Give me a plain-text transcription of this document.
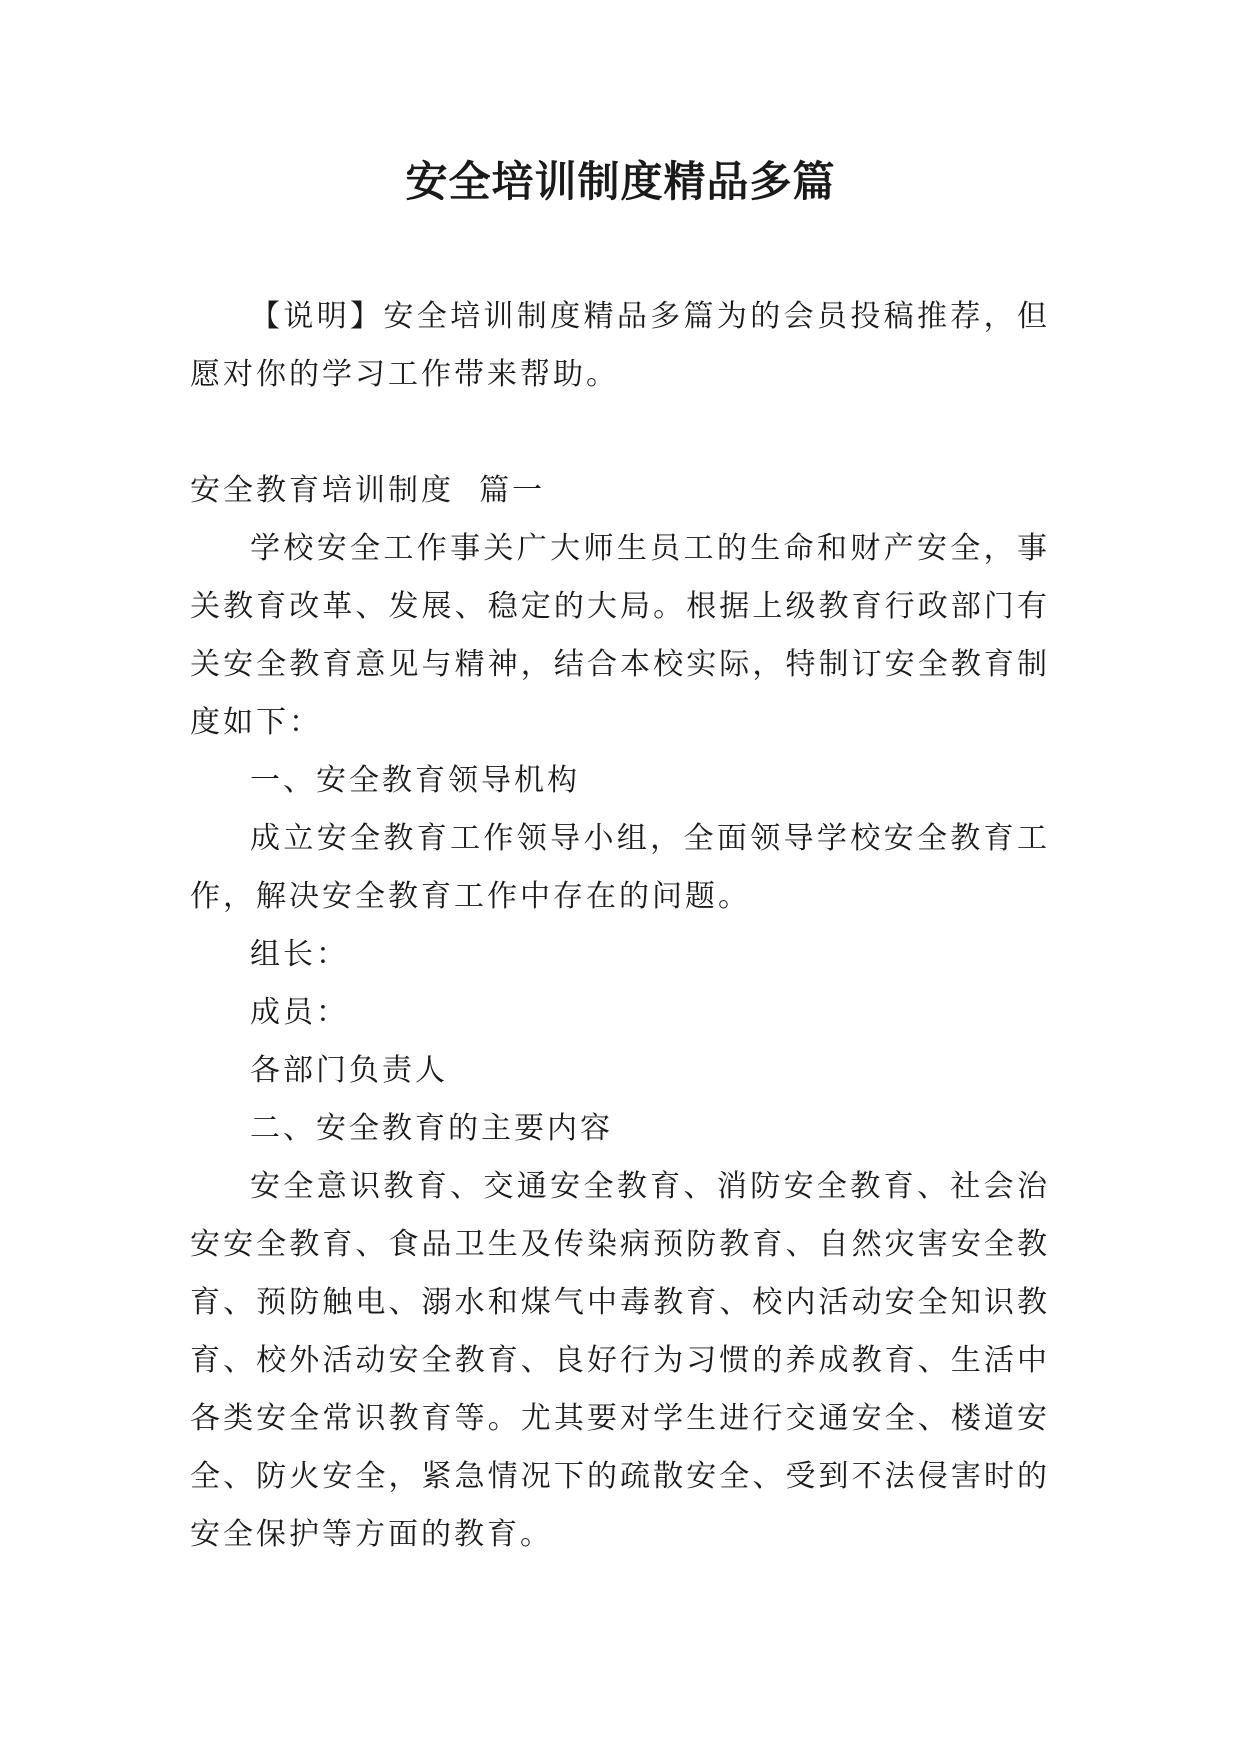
安全培训制度精品多篇

【说明】安全培训制度精品多篇为的会员投稿推荐，但愿对你的学习工作带来帮助。

安全教育培训制度  篇一

学校安全工作事关广大师生员工的生命和财产安全，事关教育改革、发展、稳定的大局。根据上级教育行政部门有关安全教育意见与精神，结合本校实际，特制订安全教育制度如下：

一、安全教育领导机构

成立安全教育工作领导小组，全面领导学校安全教育工作，解决安全教育工作中存在的问题。

组长：

成员：

各部门负责人

二、安全教育的主要内容

安全意识教育、交通安全教育、消防安全教育、社会治安安全教育、食品卫生及传染病预防教育、自然灾害安全教育、预防触电、溺水和煤气中毒教育、校内活动安全知识教育、校外活动安全教育、良好行为习惯的养成教育、生活中各类安全常识教育等。尤其要对学生进行交通安全、楼道安全、防火安全，紧急情况下的疏散安全、受到不法侵害时的安全保护等方面的教育。
